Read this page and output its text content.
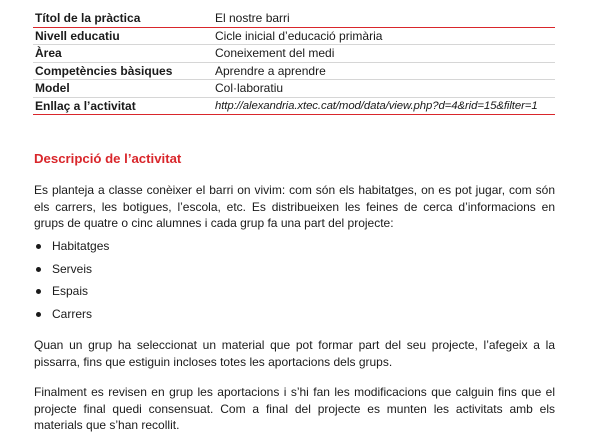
Títol de la pràctica	El nostre barri
Nivell educatiu	Cicle inicial d’educació primària
Àrea	Coneixement del medi
Competències bàsiques	Aprendre a aprendre
Model	Col·laboratiu
Enllaç a l’activitat	http://alexandria.xtec.cat/mod/data/view.php?d=4&rid=15&filter=1
Descripció de l’activitat

Es planteja a classe conèixer el barri on vivim: com són els habitatges, on es pot jugar, com són els carrers, les botigues, l’escola, etc. Es distribueixen les feines de cerca d’informacions en grups de quatre o cinc alumnes i cada grup fa una part del projecte:

Habitatges
Serveis
Espais
Carrers

Quan un grup ha seleccionat un material que pot formar part del seu projecte, l’afegeix a la pissarra, fins que estiguin incloses totes les aportacions dels grups.

Finalment es revisen en grup les aportacions i s’hi fan les modificacions que calguin fins que el projecte final quedi consensuat. Com a final del projecte es munten les activitats amb els materials que s’han recollit.
